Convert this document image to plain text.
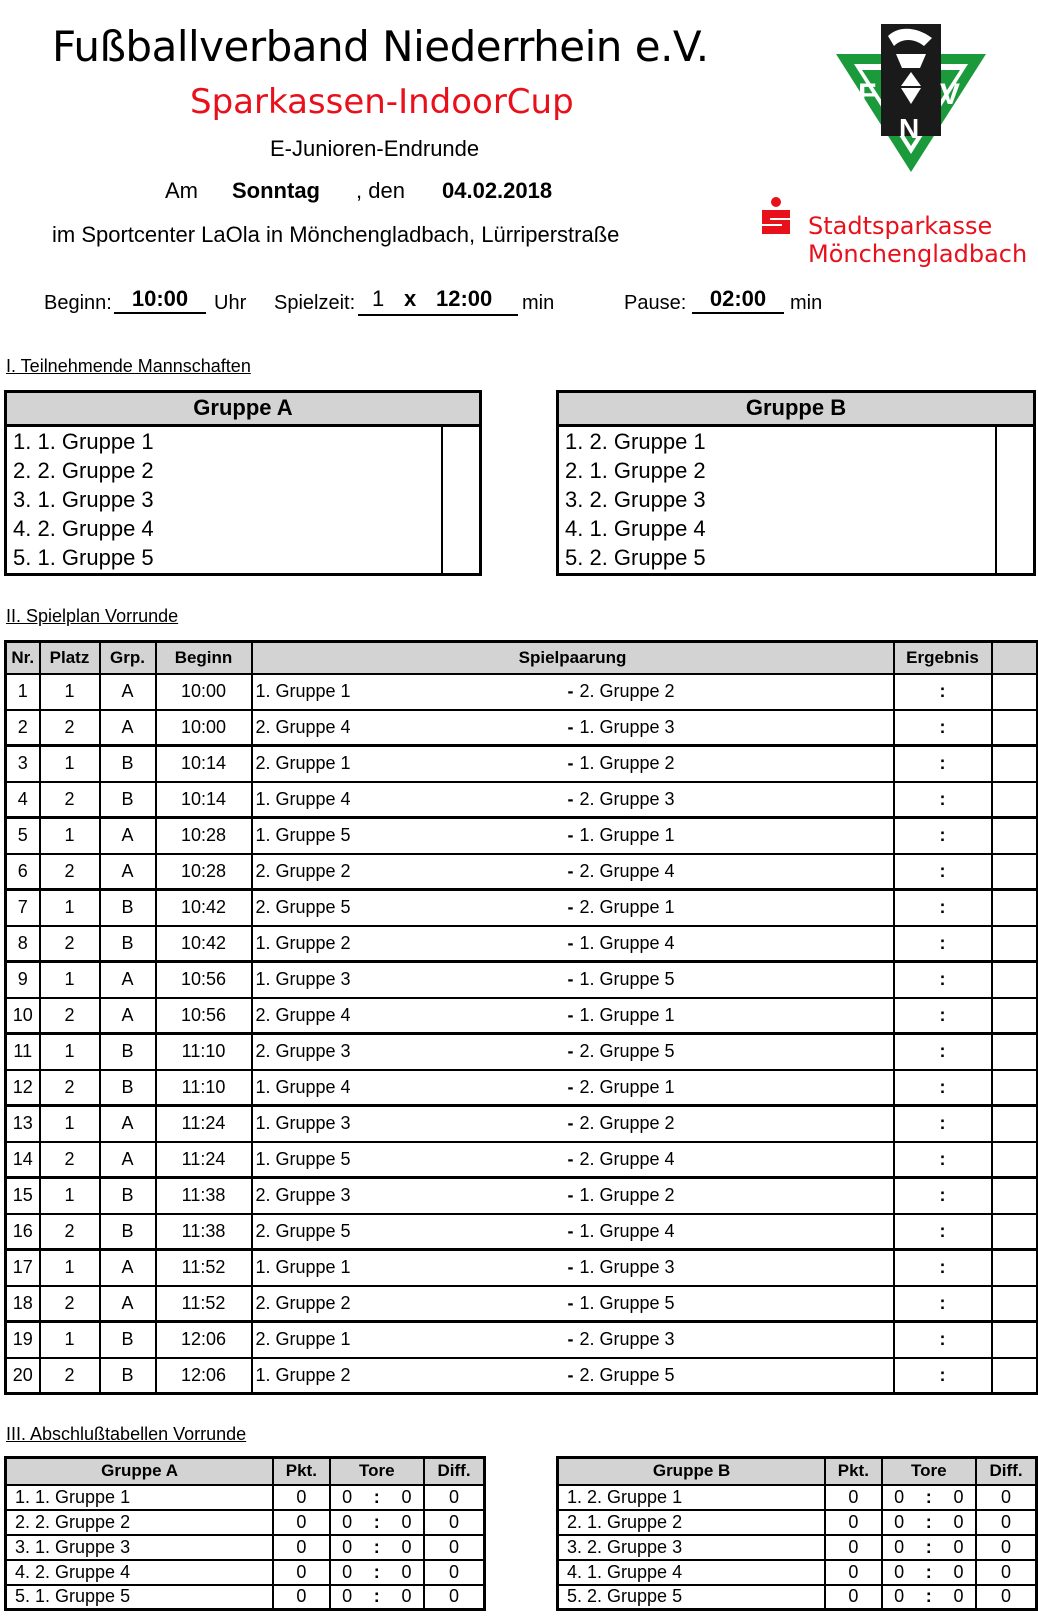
Fußballverband Niederrhein e.V.
Sparkassen-IndoorCup
E-Junioren-Endrunde
Am Sonntag , den 04.02.2018
im Sportcenter LaOla in Mönchengladbach, Lürriperstraße
F V
N
Stadtsparkasse
Mönchengladbach
Beginn: 10:00	Uhr Spielzeit: 1 x 12:00 min	Pause:	02:00	min
I. Teilnehmende Mannschaften
Gruppe A
1. 1. Gruppe 1
2. 2. Gruppe 2
3. 1. Gruppe 3
4. 2. Gruppe 4
5. 1. Gruppe 5
Gruppe B
1. 2. Gruppe 1
2. 1. Gruppe 2
3. 2. Gruppe 3
4. 1. Gruppe 4
5. 2. Gruppe 5
II. Spielplan Vorrunde
Nr.	Platz	Grp.	Beginn	Spielpaarung		Ergebnis	
1	1	A	10:00	1. Gruppe 1	- 2. Gruppe 2	:	
2	2	A	10:00	2. Gruppe 4	- 1. Gruppe 3	:	
3	1	B	10:14	2. Gruppe 1	- 1. Gruppe 2	:	
4	2	B	10:14	1. Gruppe 4	- 2. Gruppe 3	:	
5	1	A	10:28	1. Gruppe 5	- 1. Gruppe 1	:	
6	2	A	10:28	2. Gruppe 2	- 2. Gruppe 4	:	
7	1	B	10:42	2. Gruppe 5	- 2. Gruppe 1	:	
8	2	B	10:42	1. Gruppe 2	- 1. Gruppe 4	:	
9	1	A	10:56	1. Gruppe 3	- 1. Gruppe 5	:	
10	2	A	10:56	2. Gruppe 4	- 1. Gruppe 1	:	
11	1	B	11:10	2. Gruppe 3	- 2. Gruppe 5	:	
12	2	B	11:10	1. Gruppe 4	- 2. Gruppe 1	:	
13	1	A	11:24	1. Gruppe 3	- 2. Gruppe 2	:	
14	2	A	11:24	1. Gruppe 5	- 2. Gruppe 4	:	
15	1	B	11:38	2. Gruppe 3	- 1. Gruppe 2	:	
16	2	B	11:38	2. Gruppe 5	- 1. Gruppe 4	:	
17	1	A	11:52	1. Gruppe 1	- 1. Gruppe 3	:	
18	2	A	11:52	2. Gruppe 2	- 1. Gruppe 5	:	
19	1	B	12:06	2. Gruppe 1	- 2. Gruppe 3	:	
20	2	B	12:06	1. Gruppe 2	- 2. Gruppe 5	:	
III. Abschlußtabellen Vorrunde
Gruppe A	Pkt.	Tore			Diff.
1. 1. Gruppe 1	0	0	:	0	0
2. 2. Gruppe 2	0	0	:	0	0
3. 1. Gruppe 3	0	0	:	0	0
4. 2. Gruppe 4	0	0	:	0	0
5. 1. Gruppe 5	0	0	:	0	0
Gruppe B	Pkt.	Tore			Diff.
1. 2. Gruppe 1	0	0	:	0	0
2. 1. Gruppe 2	0	0	:	0	0
3. 2. Gruppe 3	0	0	:	0	0
4. 1. Gruppe 4	0	0	:	0	0
5. 2. Gruppe 5	0	0	:	0	0
